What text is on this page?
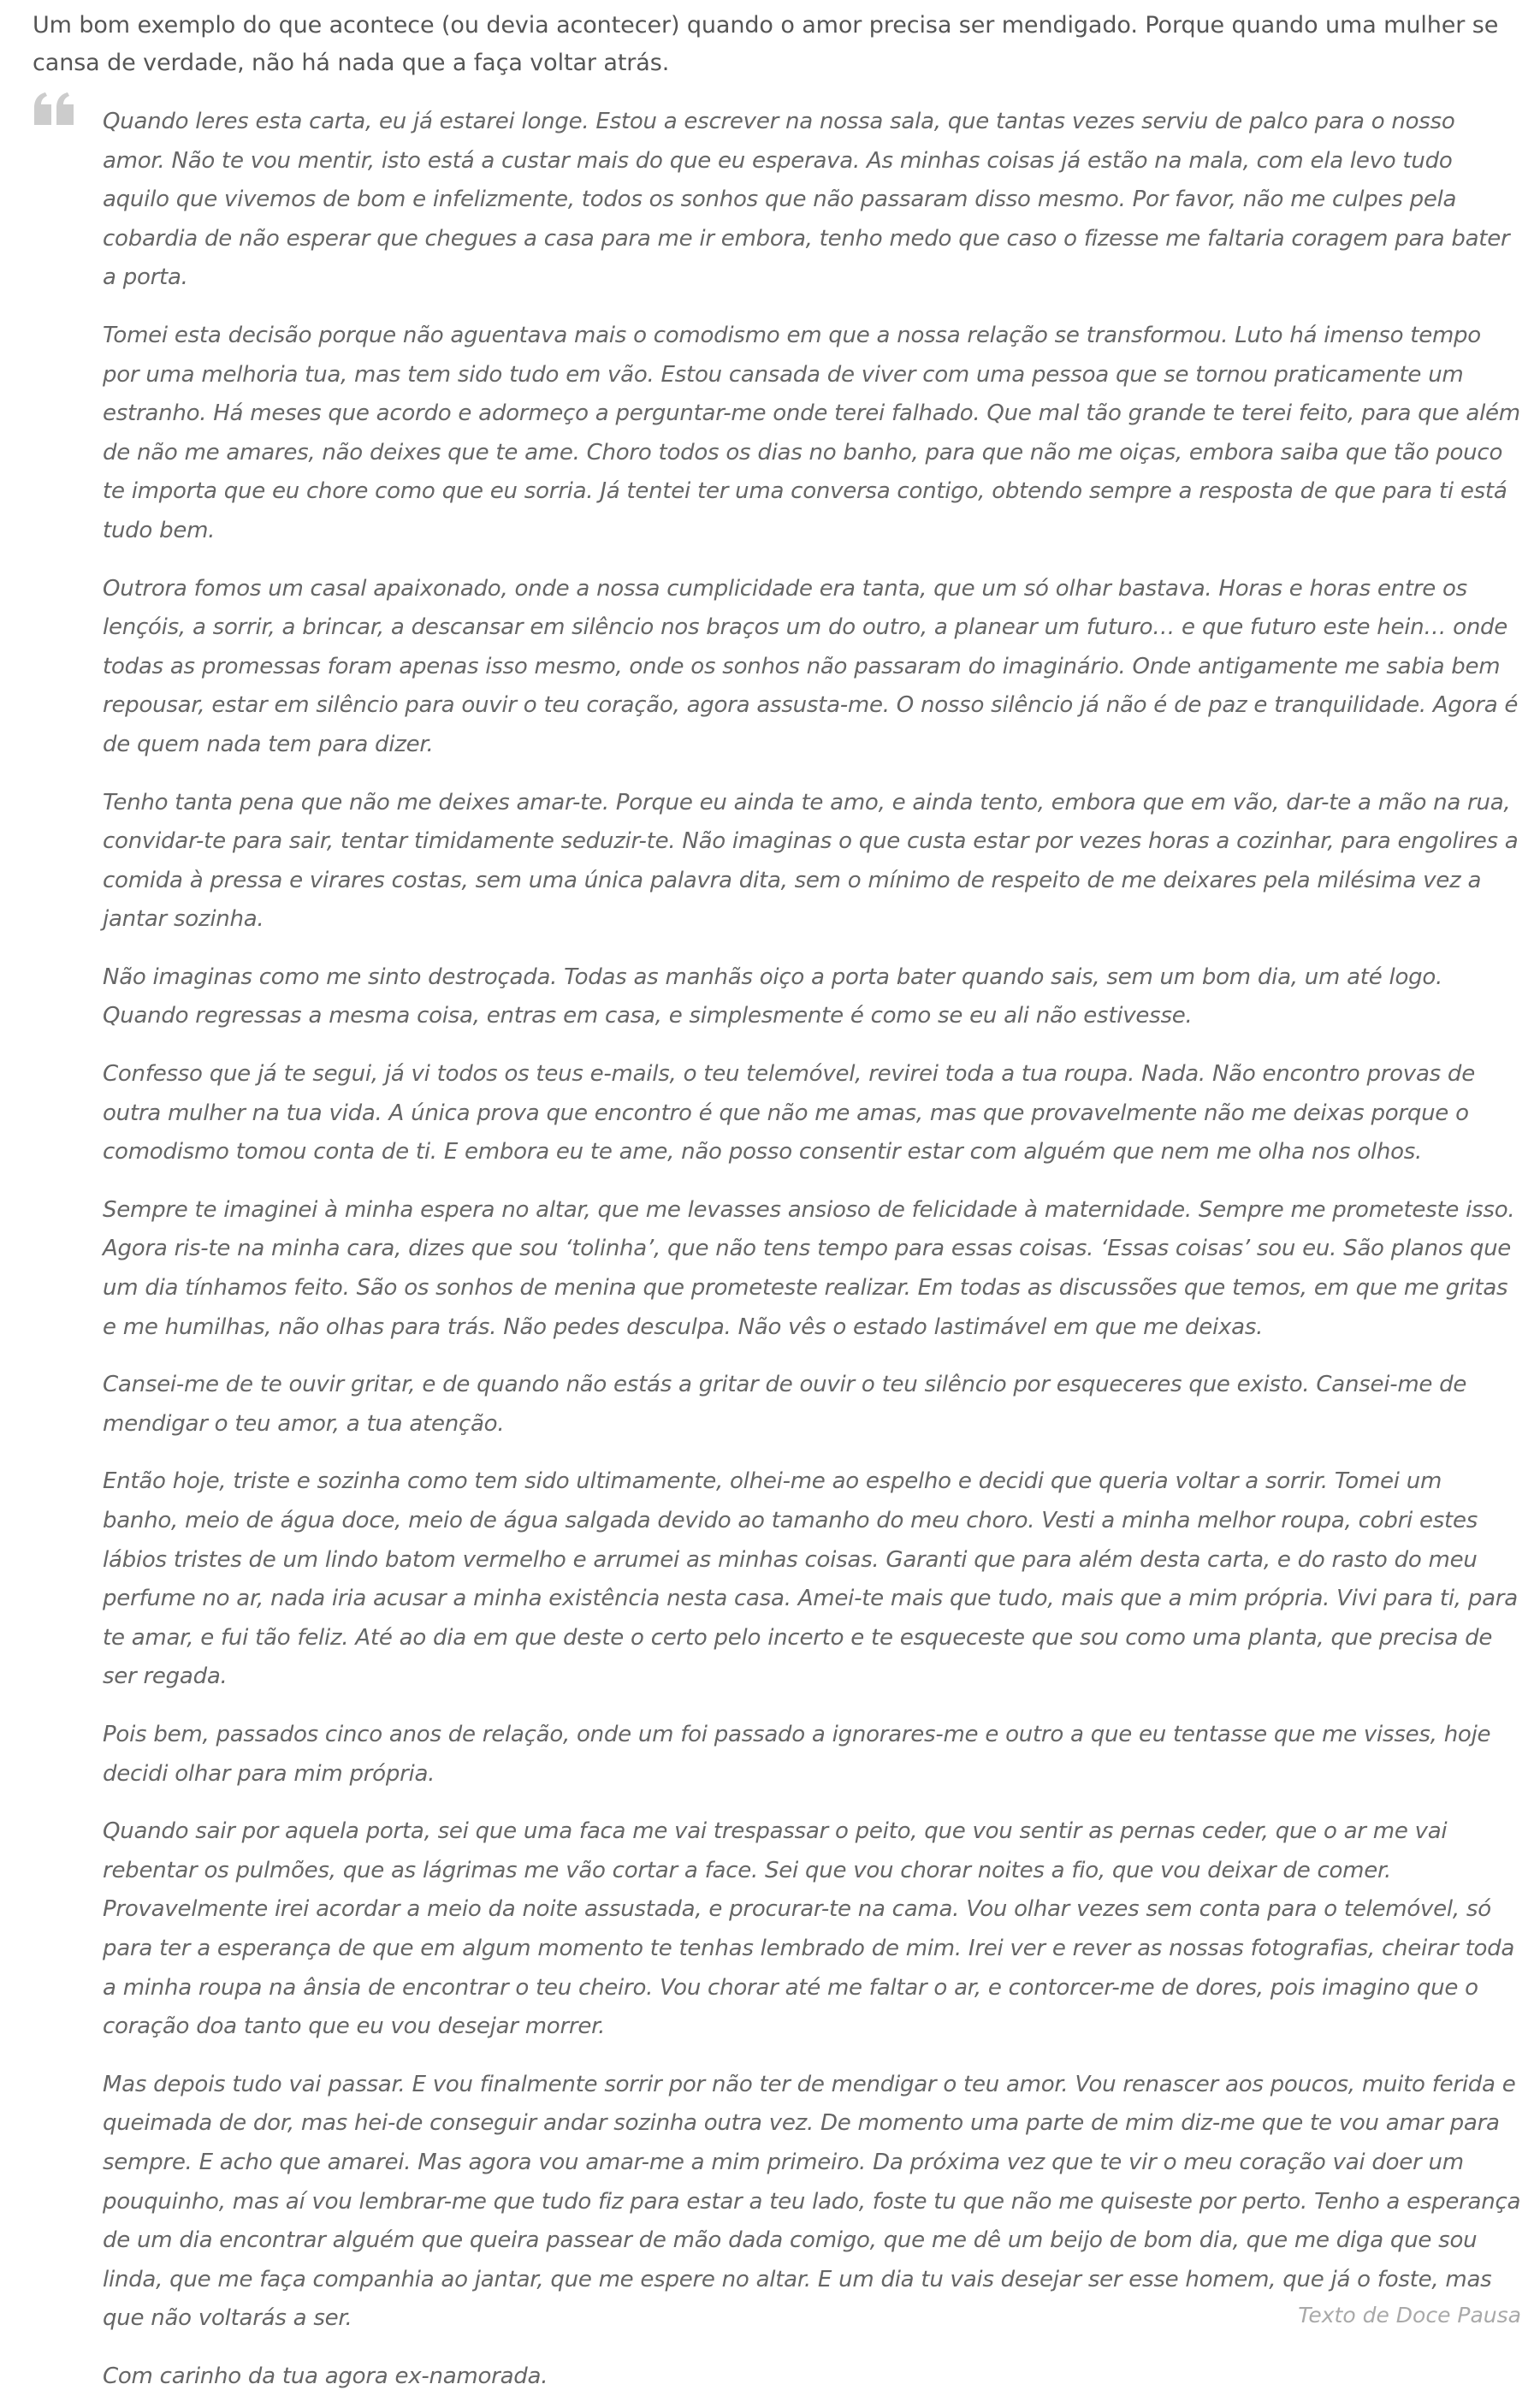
Um bom exemplo do que acontece (ou devia acontecer) quando o amor precisa ser mendigado. Porque quando uma mulher se cansa de verdade, não há nada que a faça voltar atrás.

Quando leres esta carta, eu já estarei longe. Estou a escrever na nossa sala, que tantas vezes serviu de palco para o nosso amor. Não te vou mentir, isto está a custar mais do que eu esperava. As minhas coisas já estão na mala, com ela levo tudo aquilo que vivemos de bom e infelizmente, todos os sonhos que não passaram disso mesmo. Por favor, não me culpes pela cobardia de não esperar que chegues a casa para me ir embora, tenho medo que caso o fizesse me faltaria coragem para bater a porta.

Tomei esta decisão porque não aguentava mais o comodismo em que a nossa relação se transformou. Luto há imenso tempo por uma melhoria tua, mas tem sido tudo em vão. Estou cansada de viver com uma pessoa que se tornou praticamente um estranho. Há meses que acordo e adormeço a perguntar-me onde terei falhado. Que mal tão grande te terei feito, para que além de não me amares, não deixes que te ame. Choro todos os dias no banho, para que não me oiças, embora saiba que tão pouco te importa que eu chore como que eu sorria. Já tentei ter uma conversa contigo, obtendo sempre a resposta de que para ti está tudo bem.

Outrora fomos um casal apaixonado, onde a nossa cumplicidade era tanta, que um só olhar bastava. Horas e horas entre os lençóis, a sorrir, a brincar, a descansar em silêncio nos braços um do outro, a planear um futuro… e que futuro este hein… onde todas as promessas foram apenas isso mesmo, onde os sonhos não passaram do imaginário. Onde antigamente me sabia bem repousar, estar em silêncio para ouvir o teu coração, agora assusta-me. O nosso silêncio já não é de paz e tranquilidade. Agora é de quem nada tem para dizer.

Tenho tanta pena que não me deixes amar-te. Porque eu ainda te amo, e ainda tento, embora que em vão, dar-te a mão na rua, convidar-te para sair, tentar timidamente seduzir-te. Não imaginas o que custa estar por vezes horas a cozinhar, para engolires a comida à pressa e virares costas, sem uma única palavra dita, sem o mínimo de respeito de me deixares pela milésima vez a jantar sozinha.

Não imaginas como me sinto destroçada. Todas as manhãs oiço a porta bater quando sais, sem um bom dia, um até logo. Quando regressas a mesma coisa, entras em casa, e simplesmente é como se eu ali não estivesse.

Confesso que já te segui, já vi todos os teus e-mails, o teu telemóvel, revirei toda a tua roupa. Nada. Não encontro provas de outra mulher na tua vida. A única prova que encontro é que não me amas, mas que provavelmente não me deixas porque o comodismo tomou conta de ti. E embora eu te ame, não posso consentir estar com alguém que nem me olha nos olhos.

Sempre te imaginei à minha espera no altar, que me levasses ansioso de felicidade à maternidade. Sempre me prometeste isso. Agora ris-te na minha cara, dizes que sou ‘tolinha’, que não tens tempo para essas coisas. ‘Essas coisas’ sou eu. São planos que um dia tínhamos feito. São os sonhos de menina que prometeste realizar. Em todas as discussões que temos, em que me gritas e me humilhas, não olhas para trás. Não pedes desculpa. Não vês o estado lastimável em que me deixas.

Cansei-me de te ouvir gritar, e de quando não estás a gritar de ouvir o teu silêncio por esqueceres que existo. Cansei-me de mendigar o teu amor, a tua atenção.

Então hoje, triste e sozinha como tem sido ultimamente, olhei-me ao espelho e decidi que queria voltar a sorrir. Tomei um banho, meio de água doce, meio de água salgada devido ao tamanho do meu choro. Vesti a minha melhor roupa, cobri estes lábios tristes de um lindo batom vermelho e arrumei as minhas coisas. Garanti que para além desta carta, e do rasto do meu perfume no ar, nada iria acusar a minha existência nesta casa. Amei-te mais que tudo, mais que a mim própria. Vivi para ti, para te amar, e fui tão feliz. Até ao dia em que deste o certo pelo incerto e te esqueceste que sou como uma planta, que precisa de ser regada.

Pois bem, passados cinco anos de relação, onde um foi passado a ignorares-me e outro a que eu tentasse que me visses, hoje decidi olhar para mim própria.

Quando sair por aquela porta, sei que uma faca me vai trespassar o peito, que vou sentir as pernas ceder, que o ar me vai rebentar os pulmões, que as lágrimas me vão cortar a face. Sei que vou chorar noites a fio, que vou deixar de comer. Provavelmente irei acordar a meio da noite assustada, e procurar-te na cama. Vou olhar vezes sem conta para o telemóvel, só para ter a esperança de que em algum momento te tenhas lembrado de mim. Irei ver e rever as nossas fotografias, cheirar toda a minha roupa na ânsia de encontrar o teu cheiro. Vou chorar até me faltar o ar, e contorcer-me de dores, pois imagino que o coração doa tanto que eu vou desejar morrer.

Mas depois tudo vai passar. E vou finalmente sorrir por não ter de mendigar o teu amor. Vou renascer aos poucos, muito ferida e queimada de dor, mas hei-de conseguir andar sozinha outra vez. De momento uma parte de mim diz-me que te vou amar para sempre. E acho que amarei. Mas agora vou amar-me a mim primeiro. Da próxima vez que te vir o meu coração vai doer um pouquinho, mas aí vou lembrar-me que tudo fiz para estar a teu lado, foste tu que não me quiseste por perto. Tenho a esperança de um dia encontrar alguém que queira passear de mão dada comigo, que me dê um beijo de bom dia, que me diga que sou linda, que me faça companhia ao jantar, que me espere no altar. E um dia tu vais desejar ser esse homem, que já o foste, mas que não voltarás a ser.

Com carinho da tua agora ex-namorada.

Texto de Doce Pausa
